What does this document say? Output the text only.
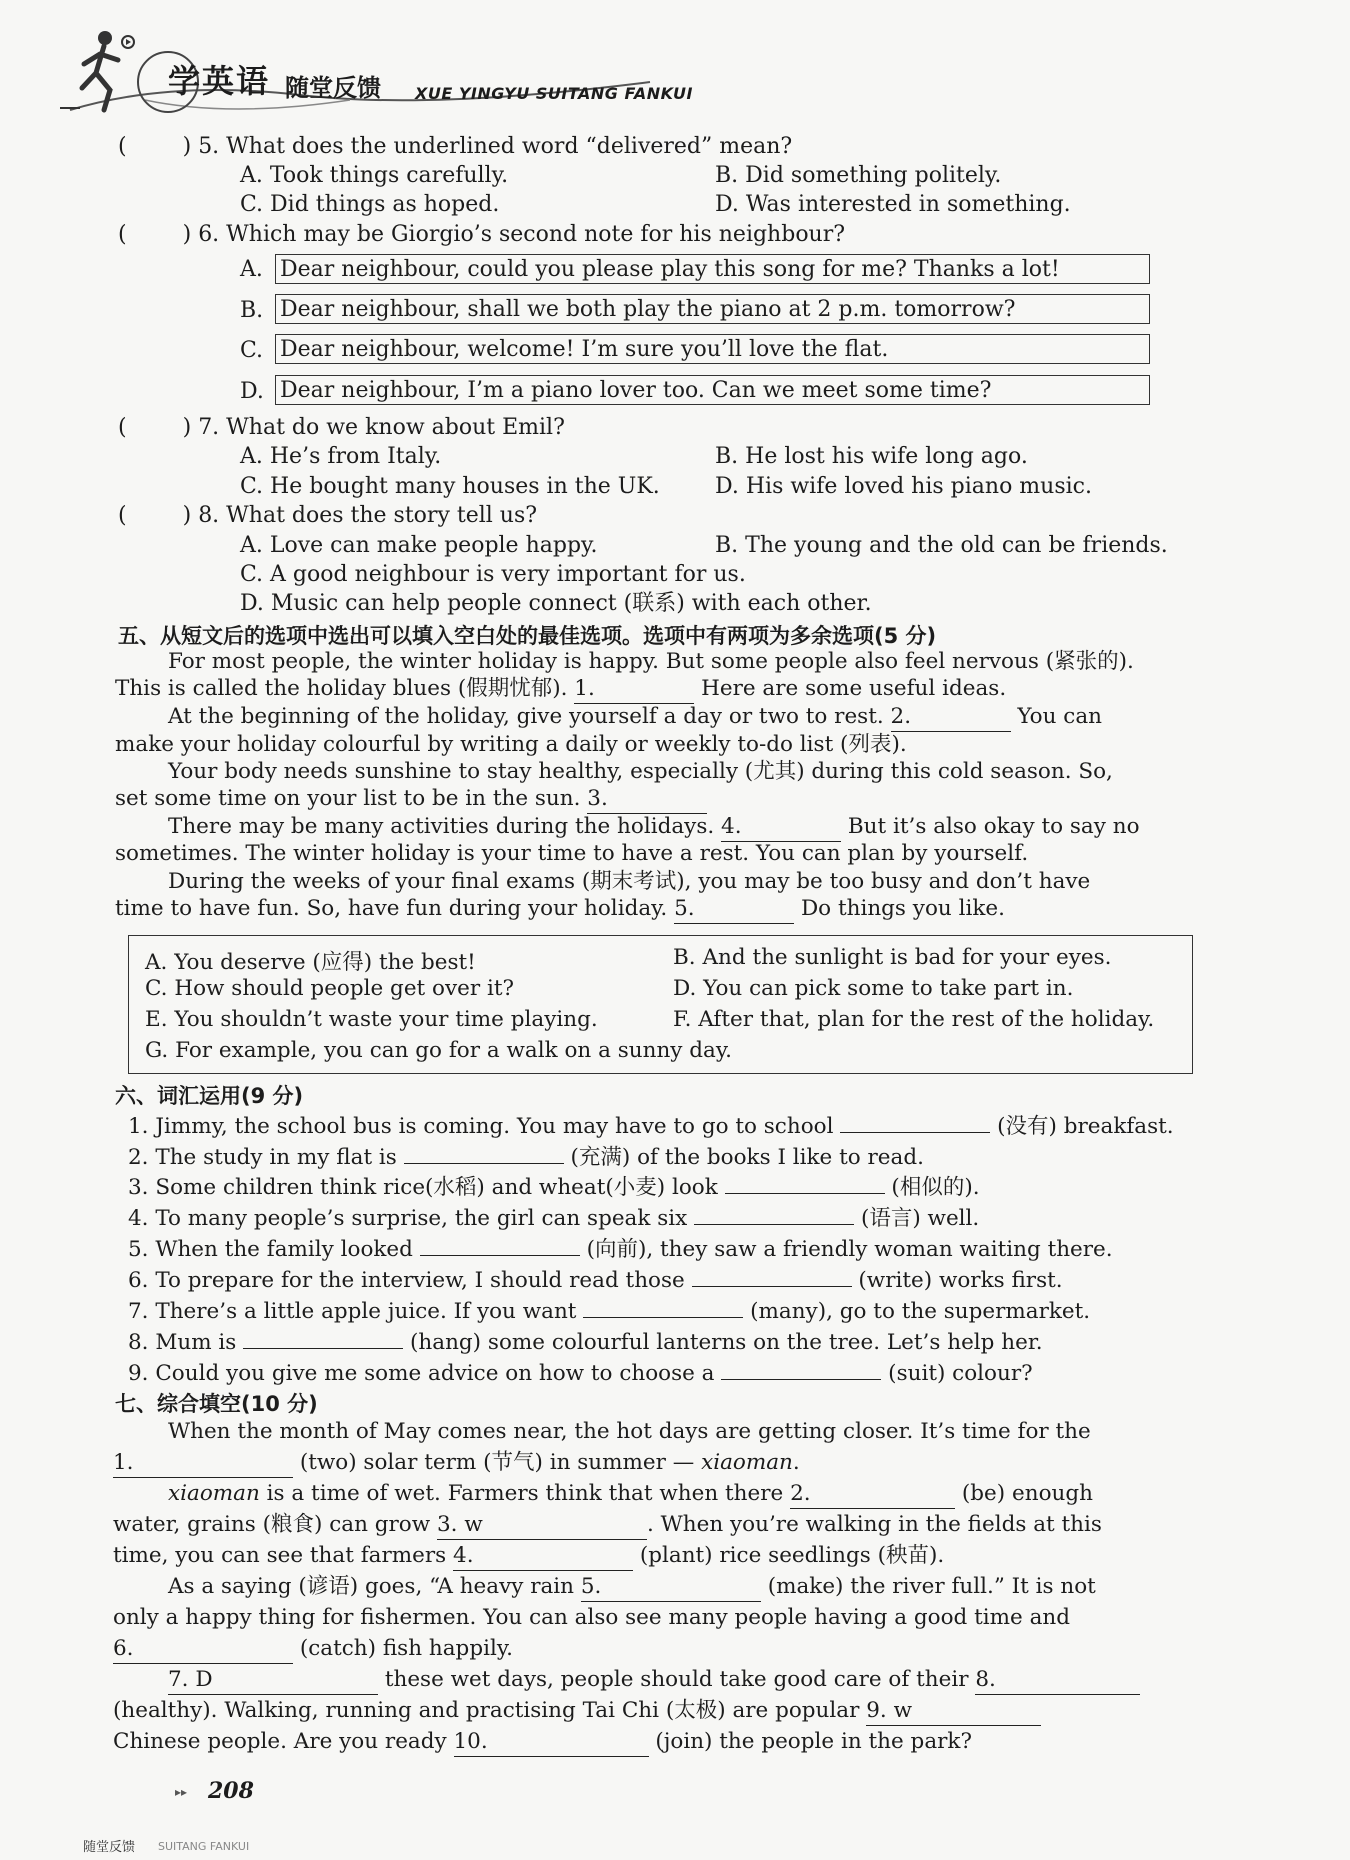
学英语 随堂反馈 XUE YINGYU SUITANG FANKUI
(	) 5. What does the underlined word “delivered” mean?
A. Took things carefully.	B. Did something politely.
C. Did things as hoped.	D. Was interested in something.
(	) 6. Which may be Giorgio’s second note for his neighbour?
A. Dear neighbour, could you please play this song for me? Thanks a lot!
B. Dear neighbour, shall we both play the piano at 2 p.m. tomorrow?
C. Dear neighbour, welcome! I’m sure you’ll love the flat.
D. Dear neighbour, I’m a piano lover too. Can we meet some time?
(	) 7. What do we know about Emil?
A. He’s from Italy.	B. He lost his wife long ago.
C. He bought many houses in the UK.	D. His wife loved his piano music.
(	) 8. What does the story tell us?
A. Love can make people happy.	B. The young and the old can be friends.
C. A good neighbour is very important for us.
D. Music can help people connect (联系) with each other.
五、从短文后的选项中选出可以填入空白处的最佳选项。选项中有两项为多余选项(5 分)
For most people, the winter holiday is happy. But some people also feel nervous (紧张的).
This is called the holiday blues (假期忧郁). 1.	Here are some useful ideas.
At the beginning of the holiday, give yourself a day or two to rest. 2.	You can
make your holiday colourful by writing a daily or weekly to-do list (列表).
Your body needs sunshine to stay healthy, especially (尤其) during this cold season. So,
set some time on your list to be in the sun. 3.
There may be many activities during the holidays. 4.	But it’s also okay to say no
sometimes. The winter holiday is your time to have a rest. You can plan by yourself.
During the weeks of your final exams (期末考试), you may be too busy and don’t have
time to have fun. So, have fun during your holiday. 5.	Do things you like.
A. You deserve (应得) the best!	B. And the sunlight is bad for your eyes.
C. How should people get over it?	D. You can pick some to take part in.
E. You shouldn’t waste your time playing.	F. After that, plan for the rest of the holiday.
G. For example, you can go for a walk on a sunny day.
六、词汇运用(9 分)
1. Jimmy, the school bus is coming. You may have to go to school	(没有) breakfast.
2. The study in my flat is	(充满) of the books I like to read.
3. Some children think rice(水稻) and wheat(小麦) look	(相似的).
4. To many people’s surprise, the girl can speak six	(语言) well.
5. When the family looked	(向前), they saw a friendly woman waiting there.
6. To prepare for the interview, I should read those	(write) works first.
7. There’s a little apple juice. If you want	(many), go to the supermarket.
8. Mum is	(hang) some colourful lanterns on the tree. Let’s help her.
9. Could you give me some advice on how to choose a	(suit) colour?
七、综合填空(10 分)
When the month of May comes near, the hot days are getting closer. It’s time for the
1.	(two) solar term (节气) in summer — xiaoman.
xiaoman is a time of wet. Farmers think that when there 2.	(be) enough
water, grains (粮食) can grow 3. w	. When you’re walking in the fields at this
time, you can see that farmers 4.	(plant) rice seedlings (秧苗).
As a saying (谚语) goes, “A heavy rain 5.	(make) the river full.” It is not
only a happy thing for fishermen. You can also see many people having a good time and
6.	(catch) fish happily.
7. D	these wet days, people should take good care of their 8.
(healthy). Walking, running and practising Tai Chi (太极) are popular 9. w
Chinese people. Are you ready 10.	(join) the people in the park?
▸▸ 208
随堂反馈 SUITANG FANKUI
